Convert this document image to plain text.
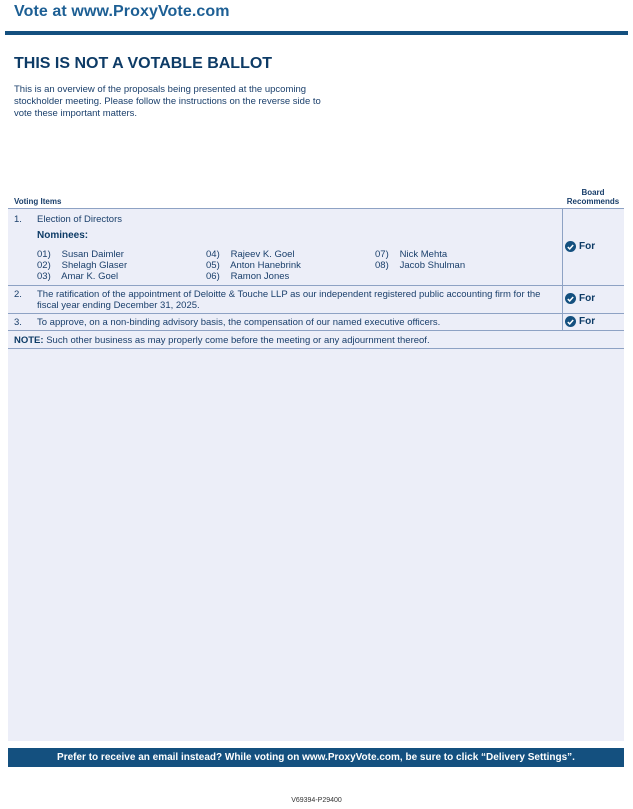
Vote at www.ProxyVote.com
THIS IS NOT A VOTABLE BALLOT
This is an overview of the proposals being presented at the upcoming stockholder meeting. Please follow the instructions on the reverse side to vote these important matters.
Voting Items
Board Recommends
1. Election of Directors
Nominees:
01) Susan Daimler
02) Shelagh Glaser
03) Amar K. Goel
04) Rajeev K. Goel
05) Anton Hanebrink
06) Ramon Jones
07) Nick Mehta
08) Jacob Shulman
For
2. The ratification of the appointment of Deloitte & Touche LLP as our independent registered public accounting firm for the fiscal year ending December 31, 2025.
For
3. To approve, on a non-binding advisory basis, the compensation of our named executive officers.	For
NOTE: Such other business as may properly come before the meeting or any adjournment thereof.
Prefer to receive an email instead? While voting on www.ProxyVote.com, be sure to click “Delivery Settings”.
V69394-P29400
